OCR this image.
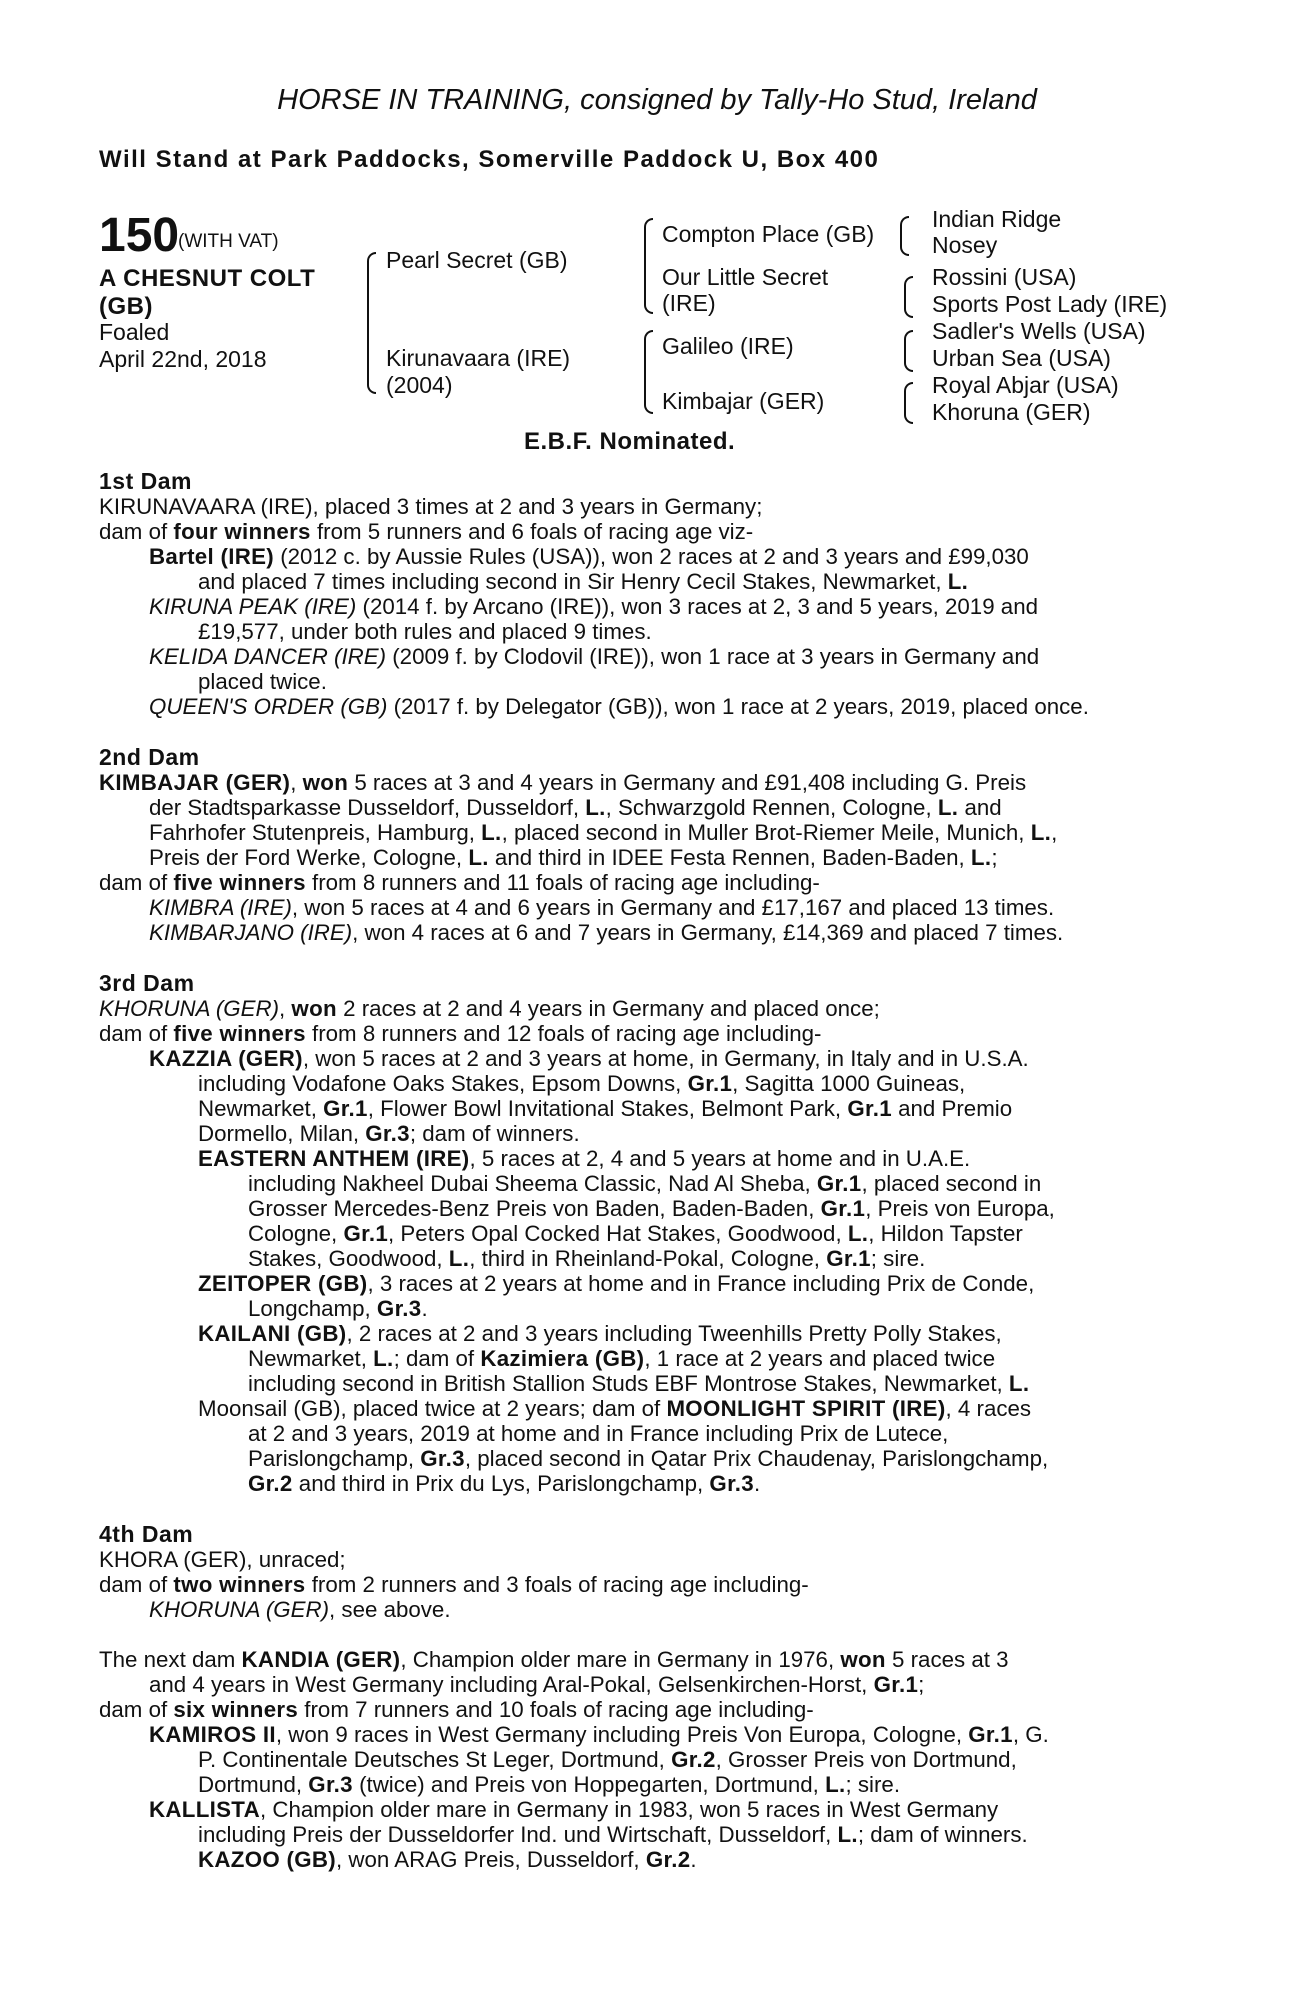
HORSE IN TRAINING, consigned by Tally-Ho Stud, Ireland
Will Stand at Park Paddocks, Somerville Paddock U, Box 400
150
(WITH VAT)
A CHESNUT COLT
(GB)
Foaled
April 22nd, 2018
Pearl Secret (GB)
Kirunavaara (IRE)
(2004)
Compton Place (GB)
Our Little Secret
(IRE)
Galileo (IRE)
Kimbajar (GER)
Indian Ridge
Nosey
Rossini (USA)
Sports Post Lady (IRE)
Sadler's Wells (USA)
Urban Sea (USA)
Royal Abjar (USA)
Khoruna (GER)
E.B.F. Nominated.
1st Dam
2nd Dam
3rd Dam
4th Dam
KIRUNAVAARA (IRE), placed 3 times at 2 and 3 years in Germany;
dam of four winners from 5 runners and 6 foals of racing age viz-
Bartel (IRE) (2012 c. by Aussie Rules (USA)), won 2 races at 2 and 3 years and £99,030
and placed 7 times including second in Sir Henry Cecil Stakes, Newmarket, L.
KIRUNA PEAK (IRE) (2014 f. by Arcano (IRE)), won 3 races at 2, 3 and 5 years, 2019 and
£19,577, under both rules and placed 9 times.
KELIDA DANCER (IRE) (2009 f. by Clodovil (IRE)), won 1 race at 3 years in Germany and
placed twice.
QUEEN'S ORDER (GB) (2017 f. by Delegator (GB)), won 1 race at 2 years, 2019, placed once.
KIMBAJAR (GER), won 5 races at 3 and 4 years in Germany and £91,408 including G. Preis
der Stadtsparkasse Dusseldorf, Dusseldorf, L., Schwarzgold Rennen, Cologne, L. and
Fahrhofer Stutenpreis, Hamburg, L., placed second in Muller Brot-Riemer Meile, Munich, L.,
Preis der Ford Werke, Cologne, L. and third in IDEE Festa Rennen, Baden-Baden, L.;
dam of five winners from 8 runners and 11 foals of racing age including-
KIMBRA (IRE), won 5 races at 4 and 6 years in Germany and £17,167 and placed 13 times.
KIMBARJANO (IRE), won 4 races at 6 and 7 years in Germany, £14,369 and placed 7 times.
KHORUNA (GER), won 2 races at 2 and 4 years in Germany and placed once;
dam of five winners from 8 runners and 12 foals of racing age including-
KAZZIA (GER), won 5 races at 2 and 3 years at home, in Germany, in Italy and in U.S.A.
including Vodafone Oaks Stakes, Epsom Downs, Gr.1, Sagitta 1000 Guineas,
Newmarket, Gr.1, Flower Bowl Invitational Stakes, Belmont Park, Gr.1 and Premio
Dormello, Milan, Gr.3; dam of winners.
EASTERN ANTHEM (IRE), 5 races at 2, 4 and 5 years at home and in U.A.E.
including Nakheel Dubai Sheema Classic, Nad Al Sheba, Gr.1, placed second in
Grosser Mercedes-Benz Preis von Baden, Baden-Baden, Gr.1, Preis von Europa,
Cologne, Gr.1, Peters Opal Cocked Hat Stakes, Goodwood, L., Hildon Tapster
Stakes, Goodwood, L., third in Rheinland-Pokal, Cologne, Gr.1; sire.
ZEITOPER (GB), 3 races at 2 years at home and in France including Prix de Conde,
Longchamp, Gr.3.
KAILANI (GB), 2 races at 2 and 3 years including Tweenhills Pretty Polly Stakes,
Newmarket, L.; dam of Kazimiera (GB), 1 race at 2 years and placed twice
including second in British Stallion Studs EBF Montrose Stakes, Newmarket, L.
Moonsail (GB), placed twice at 2 years; dam of MOONLIGHT SPIRIT (IRE), 4 races
at 2 and 3 years, 2019 at home and in France including Prix de Lutece,
Parislongchamp, Gr.3, placed second in Qatar Prix Chaudenay, Parislongchamp,
Gr.2 and third in Prix du Lys, Parislongchamp, Gr.3.
KHORA (GER), unraced;
dam of two winners from 2 runners and 3 foals of racing age including-
KHORUNA (GER), see above.
The next dam KANDIA (GER), Champion older mare in Germany in 1976, won 5 races at 3
and 4 years in West Germany including Aral-Pokal, Gelsenkirchen-Horst, Gr.1;
dam of six winners from 7 runners and 10 foals of racing age including-
KAMIROS II, won 9 races in West Germany including Preis Von Europa, Cologne, Gr.1, G.
P. Continentale Deutsches St Leger, Dortmund, Gr.2, Grosser Preis von Dortmund,
Dortmund, Gr.3 (twice) and Preis von Hoppegarten, Dortmund, L.; sire.
KALLISTA, Champion older mare in Germany in 1983, won 5 races in West Germany
including Preis der Dusseldorfer Ind. und Wirtschaft, Dusseldorf, L.; dam of winners.
KAZOO (GB), won ARAG Preis, Dusseldorf, Gr.2.
